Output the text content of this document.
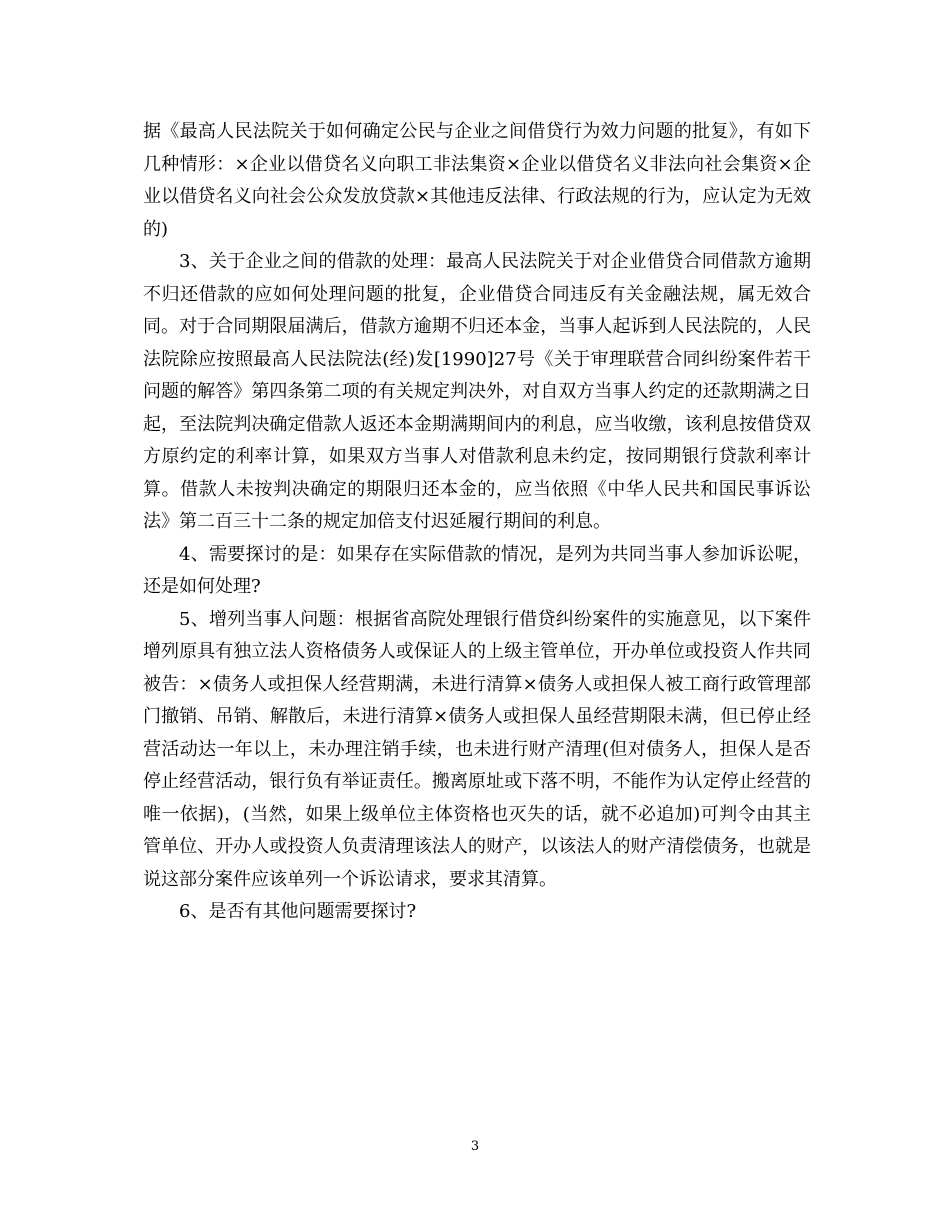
据《最高人民法院关于如何确定公民与企业之间借贷行为效力问题的批复》，有如下几种情形：×企业以借贷名义向职工非法集资×企业以借贷名义非法向社会集资×企业以借贷名义向社会公众发放贷款×其他违反法律、行政法规的行为，应认定为无效的)

3、关于企业之间的借款的处理：最高人民法院关于对企业借贷合同借款方逾期不归还借款的应如何处理问题的批复，企业借贷合同违反有关金融法规，属无效合同。对于合同期限届满后，借款方逾期不归还本金，当事人起诉到人民法院的，人民法院除应按照最高人民法院法(经)发[1990]27号《关于审理联营合同纠纷案件若干问题的解答》第四条第二项的有关规定判决外，对自双方当事人约定的还款期满之日起，至法院判决确定借款人返还本金期满期间内的利息，应当收缴，该利息按借贷双方原约定的利率计算，如果双方当事人对借款利息未约定，按同期银行贷款利率计算。借款人未按判决确定的期限归还本金的，应当依照《中华人民共和国民事诉讼法》第二百三十二条的规定加倍支付迟延履行期间的利息。

4、需要探讨的是：如果存在实际借款的情况，是列为共同当事人参加诉讼呢，还是如何处理?

5、增列当事人问题：根据省高院处理银行借贷纠纷案件的实施意见，以下案件增列原具有独立法人资格债务人或保证人的上级主管单位，开办单位或投资人作共同被告：×债务人或担保人经营期满，未进行清算×债务人或担保人被工商行政管理部门撤销、吊销、解散后，未进行清算×债务人或担保人虽经营期限未满，但已停止经营活动达一年以上，未办理注销手续，也未进行财产清理(但对债务人，担保人是否停止经营活动，银行负有举证责任。搬离原址或下落不明，不能作为认定停止经营的唯一依据)，(当然，如果上级单位主体资格也灭失的话，就不必追加)可判令由其主管单位、开办人或投资人负责清理该法人的财产，以该法人的财产清偿债务，也就是说这部分案件应该单列一个诉讼请求，要求其清算。

6、是否有其他问题需要探讨?

3
